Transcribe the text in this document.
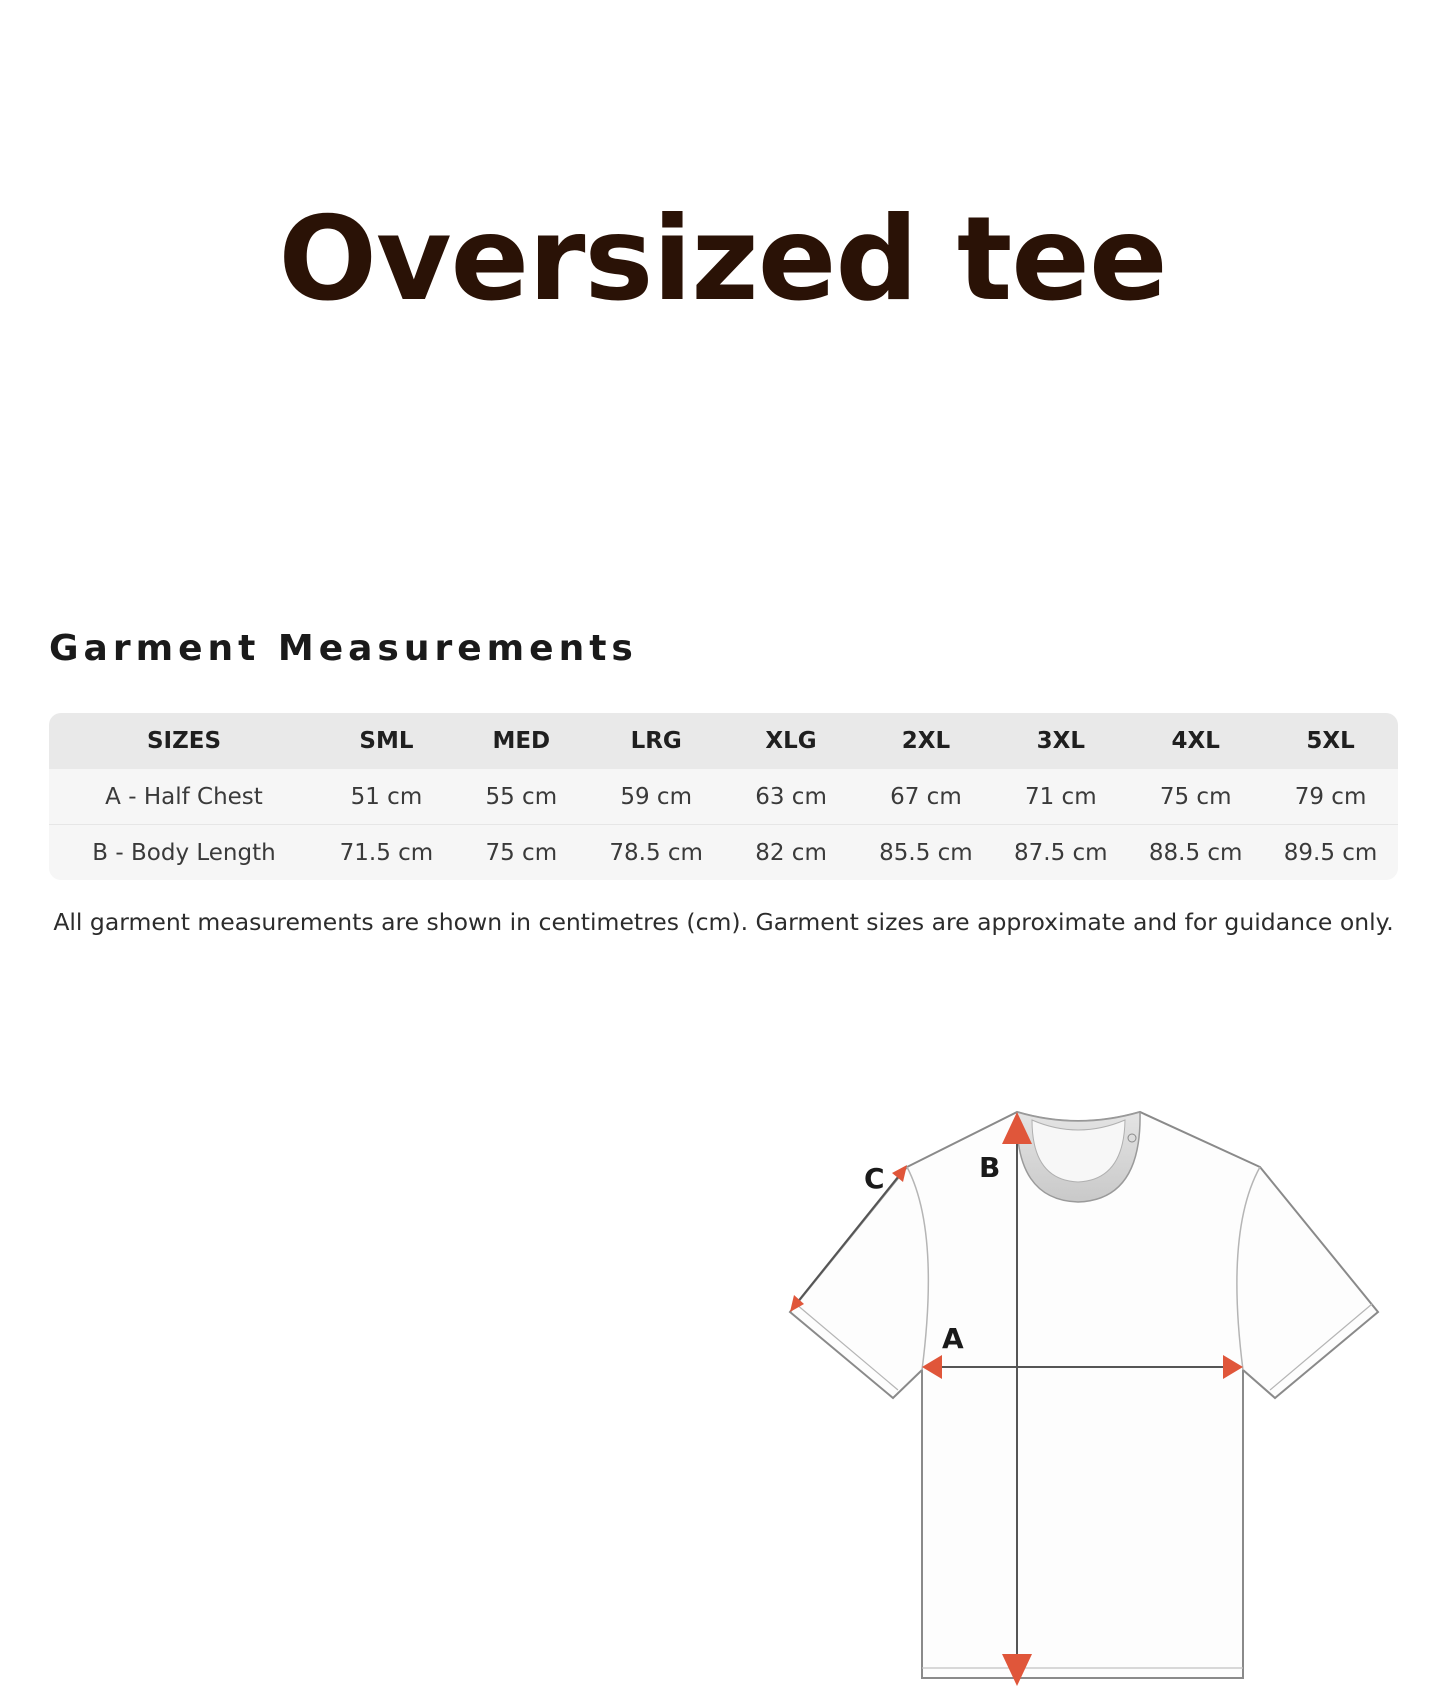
Oversized tee
Garment Measurements
SIZES	SML	MED	LRG	XLG	2XL	3XL	4XL	5XL
A - Half Chest	51 cm	55 cm	59 cm	63 cm	67 cm	71 cm	75 cm	79 cm
B - Body Length	71.5 cm	75 cm	78.5 cm	82 cm	85.5 cm	87.5 cm	88.5 cm	89.5 cm

All garment measurements are shown in centimetres (cm). Garment sizes are approximate and for guidance only.

A
B
C
